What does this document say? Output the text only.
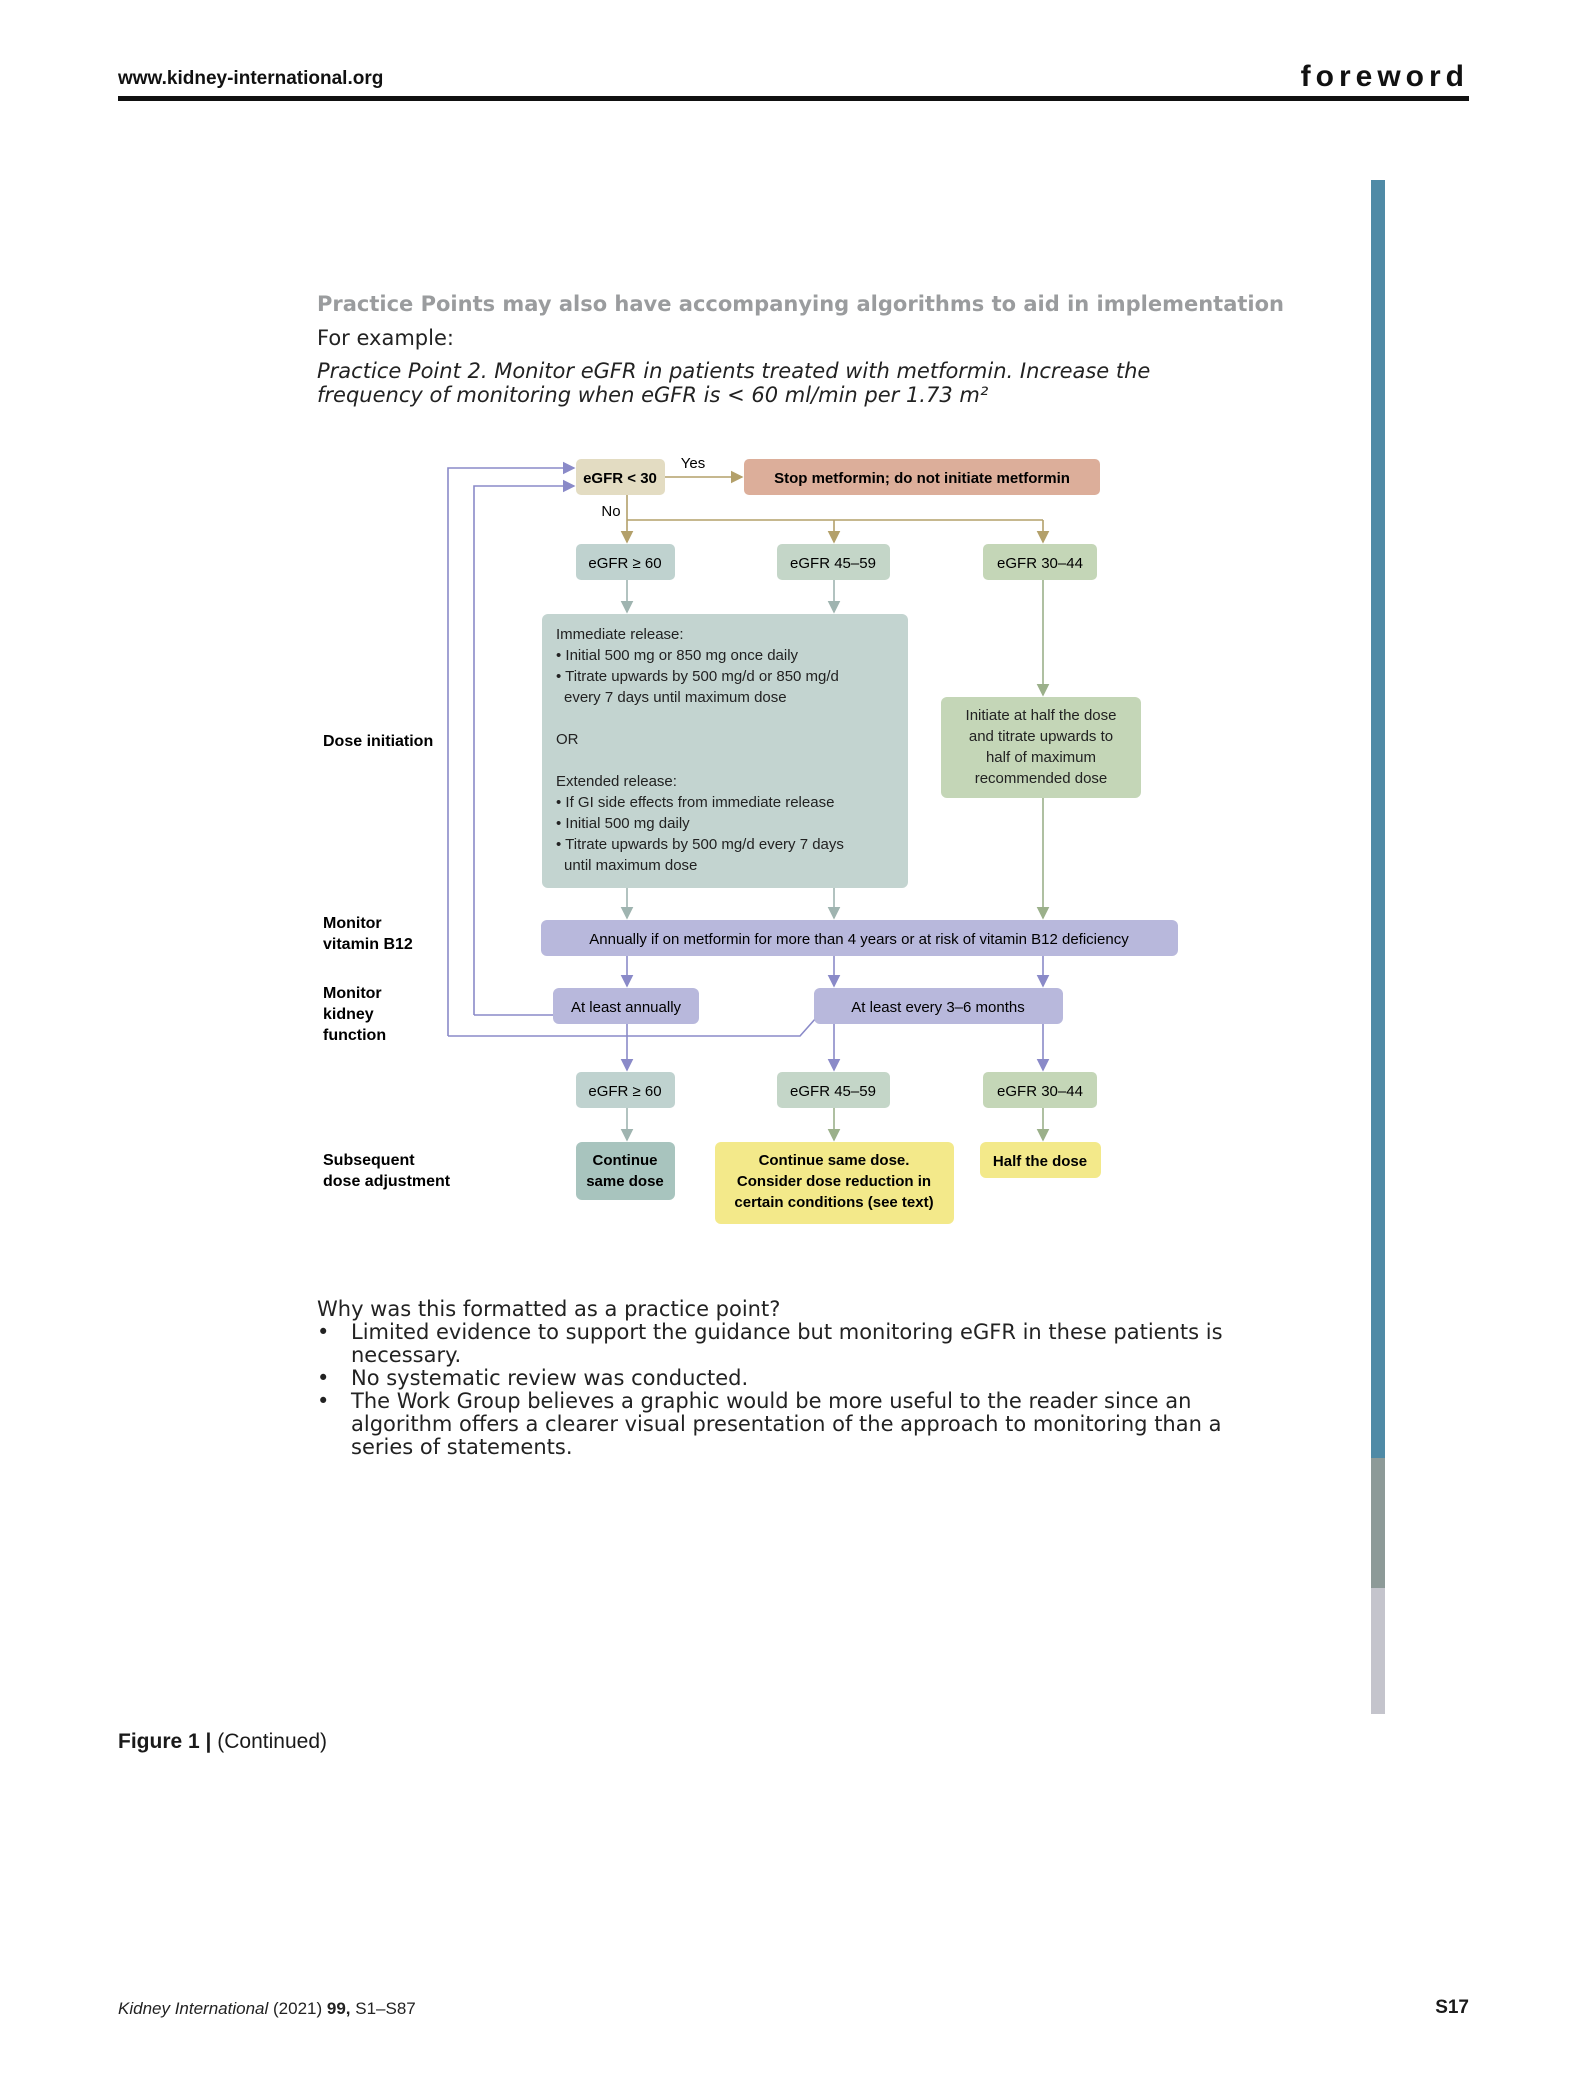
www.kidney-international.org	foreword
Practice Points may also have accompanying algorithms to aid in implementation
For example:
Practice Point 2. Monitor eGFR in patients treated with metformin. Increase the frequency of monitoring when eGFR is < 60 ml/min per 1.73 m²
Dose initiation
Monitor
vitamin B12
Monitor
kidney
function
Subsequent
dose adjustment
eGFR < 30
Yes
Stop metformin; do not initiate metformin
No
eGFR ≥ 60	eGFR 45–59	eGFR 30–44
Immediate release:
• Initial 500 mg or 850 mg once daily
• Titrate upwards by 500 mg/d or 850 mg/d
every 7 days until maximum dose
OR
Extended release:
• If GI side effects from immediate release
• Initial 500 mg daily
• Titrate upwards by 500 mg/d every 7 days
until maximum dose
Initiate at half the dose
and titrate upwards to
half of maximum
recommended dose
Annually if on metformin for more than 4 years or at risk of vitamin B12 deficiency
At least annually	At least every 3–6 months
eGFR ≥ 60	eGFR 45–59	eGFR 30–44
Continue
same dose
Continue same dose.
Consider dose reduction in
certain conditions (see text)
Half the dose
Why was this formatted as a practice point?
• Limited evidence to support the guidance but monitoring eGFR in these patients is necessary.
• No systematic review was conducted.
• The Work Group believes a graphic would be more useful to the reader since an algorithm offers a clearer visual presentation of the approach to monitoring than a series of statements.
Figure 1 | (Continued)
Kidney International (2021) 99, S1–S87	S17
